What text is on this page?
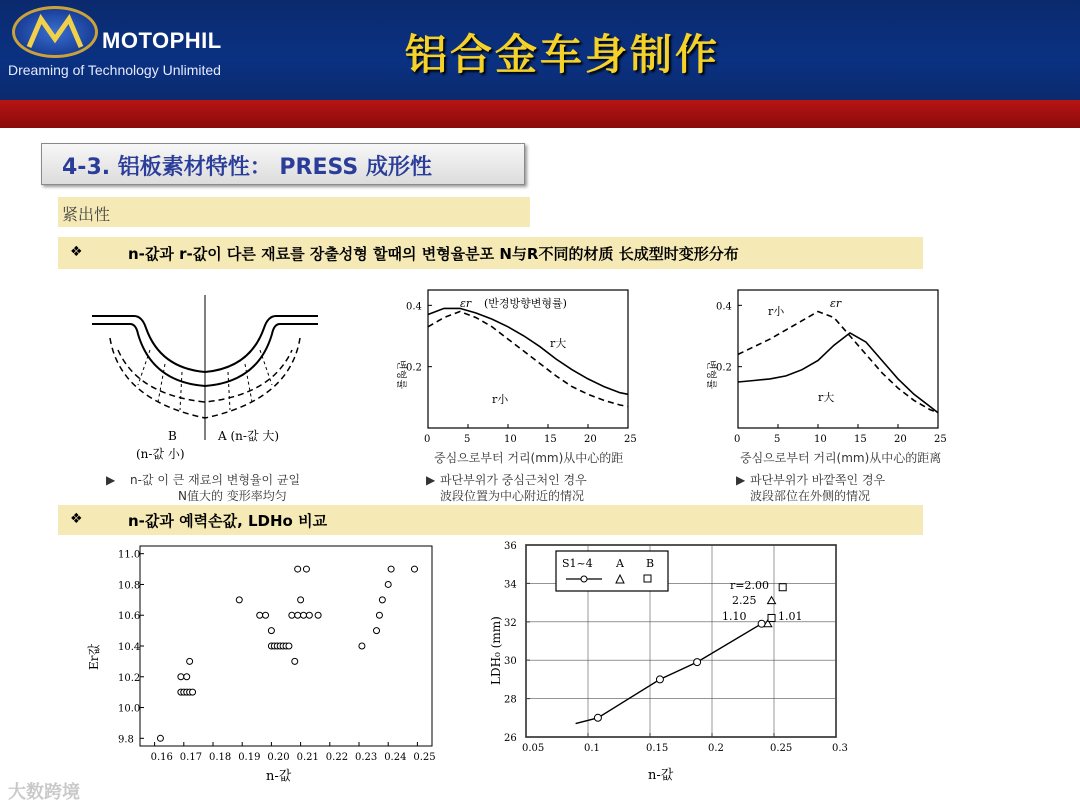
MOTOPHIL
Dreaming of Technology Unlimited	铝合金车身制作
4-3. 铝板素材特性： PRESS 成形性
紧出性
❖	n-값과 r-값이 다른 재료를 장출성형 할때의 변형율분포 N与R不同的材质 长成型时变形分布
B	A (n-값 大)
(n-값 小)
▶ n-값 이 큰 재료의 변형율이 균일
N值大的 变形率均匀
0	5	10	15	20	25
0.2
0.4	εr (반경방향변형률)
r大
r小
변형률
중심으로부터 거리(mm)从中心的距
▶ 파단부위가 중심근처인 경우
波段位置为中心附近的情况
0	5	10	15	20	25
0.2
0.4	εr
r大
r小
변형률
중심으로부터 거리(mm)从中心的距离
▶ 파단부위가 바깥쪽인 경우
波段部位在外侧的情况
❖	n-값과 예력손값, LDHo 비교
0.16 0.17 0.18 0.19 0.20 0.21 0.22 0.23 0.24 0.25
9.8
10.0
10.2
10.4
10.6
10.8
11.0
Er값
n-값
0.05	0.1	0.15	0.2	0.25	0.3
26
28
30
32
34
36
S1~4 A B
r=2.00
2.25
1.10	1.01
LDH₀ (mm)
n-값
大数跨境
